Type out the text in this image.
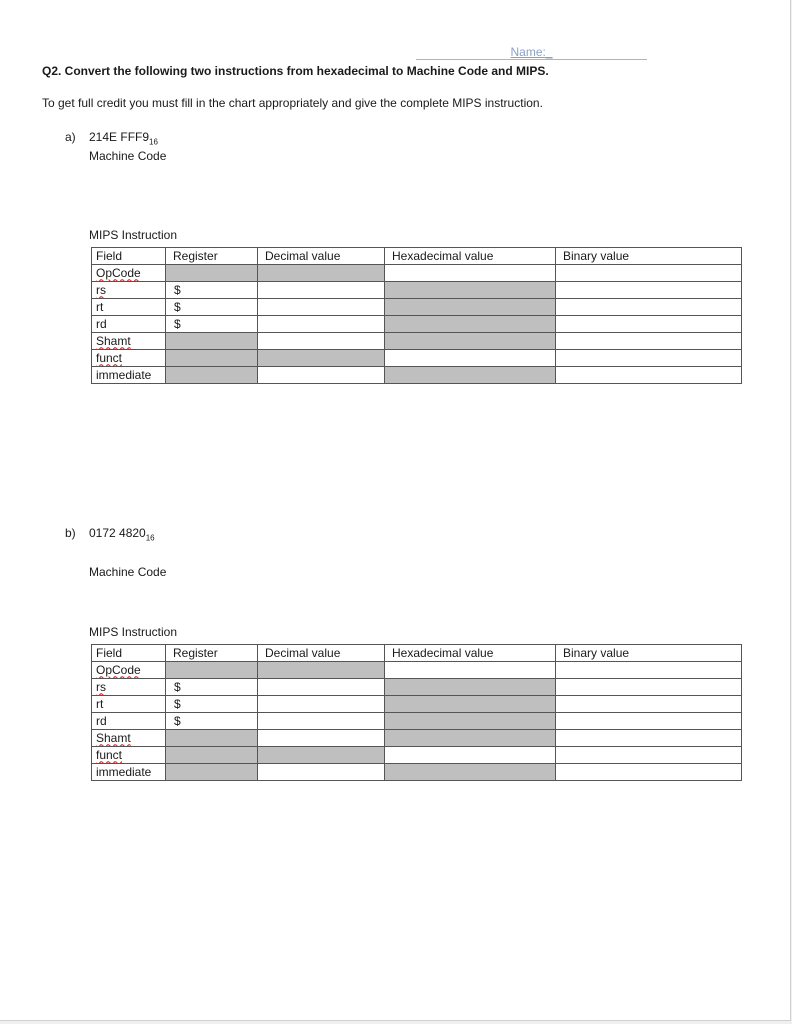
Name:_
Q2. Convert the following two instructions from hexadecimal to Machine Code and MIPS.
To get full credit you must fill in the chart appropriately and give the complete MIPS instruction.
a) 214E $FFF9_{16}$
Machine Code
MIPS Instruction
Field	Register	Decimal value	Hexadecimal value	Binary value
OpCode				
rs	$			
rt	$			
rd	$			
Shamt				
funct				
immediate				
b) 0172 $4820_{16}$
Machine Code
MIPS Instruction
Field	Register	Decimal value	Hexadecimal value	Binary value
OpCode				
rs	$			
rt	$			
rd	$			
Shamt				
funct				
immediate				
